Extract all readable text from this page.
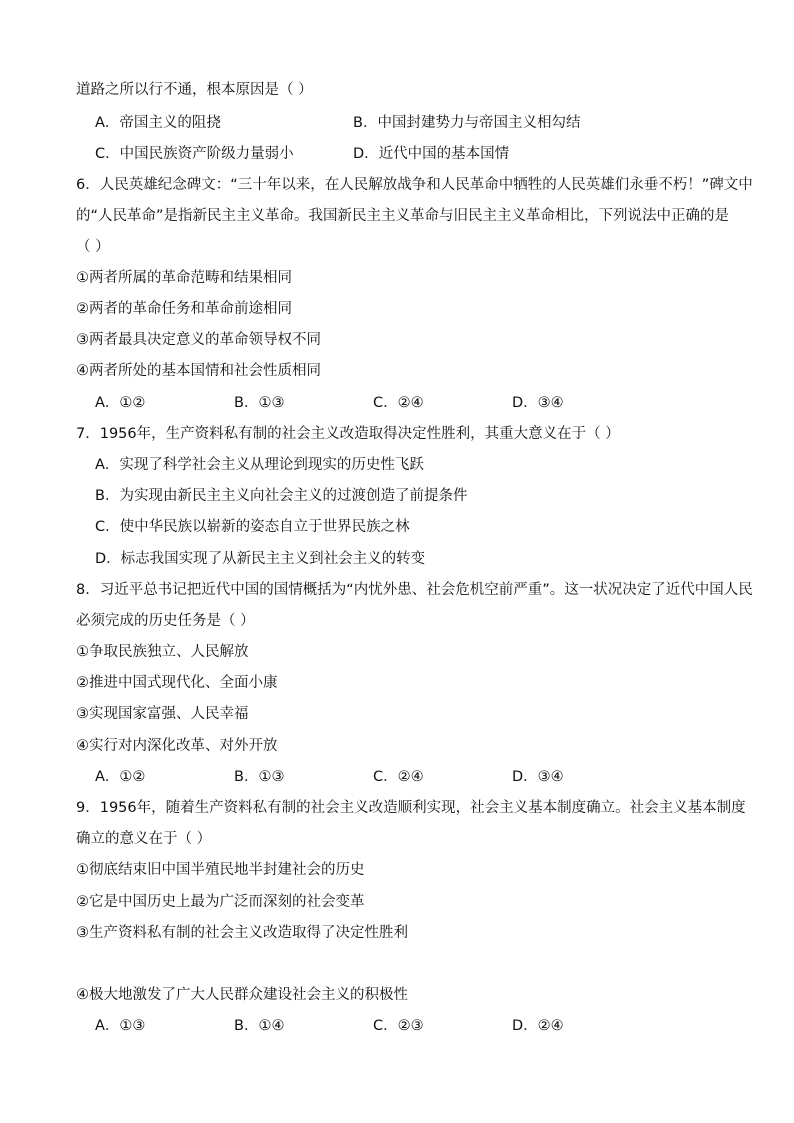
道路之所以行不通，根本原因是（ ）
A．帝国主义的阻挠	B．中国封建势力与帝国主义相勾结
C．中国民族资产阶级力量弱小	D．近代中国的基本国情
6．人民英雄纪念碑文：“三十年以来，在人民解放战争和人民革命中牺牲的人民英雄们永垂不朽！”碑文中
的“人民革命”是指新民主主义革命。我国新民主主义革命与旧民主主义革命相比，下列说法中正确的是
（ ）
①两者所属的革命范畴和结果相同
②两者的革命任务和革命前途相同
③两者最具决定意义的革命领导权不同
④两者所处的基本国情和社会性质相同
A．①②	B．①③	C．②④	D．③④
7．1956年，生产资料私有制的社会主义改造取得决定性胜利，其重大意义在于（ ）
A．实现了科学社会主义从理论到现实的历史性飞跃
B．为实现由新民主主义向社会主义的过渡创造了前提条件
C．使中华民族以崭新的姿态自立于世界民族之林
D．标志我国实现了从新民主主义到社会主义的转变
8．习近平总书记把近代中国的国情概括为“内忧外患、社会危机空前严重”。这一状况决定了近代中国人民
必须完成的历史任务是（ ）
①争取民族独立、人民解放
②推进中国式现代化、全面小康
③实现国家富强、人民幸福
④实行对内深化改革、对外开放
A．①②	B．①③	C．②④	D．③④
9．1956年，随着生产资料私有制的社会主义改造顺利实现，社会主义基本制度确立。社会主义基本制度
确立的意义在于（ ）
①彻底结束旧中国半殖民地半封建社会的历史
②它是中国历史上最为广泛而深刻的社会变革
③生产资料私有制的社会主义改造取得了决定性胜利
④极大地激发了广大人民群众建设社会主义的积极性
A．①③	B．①④	C．②③	D．②④
